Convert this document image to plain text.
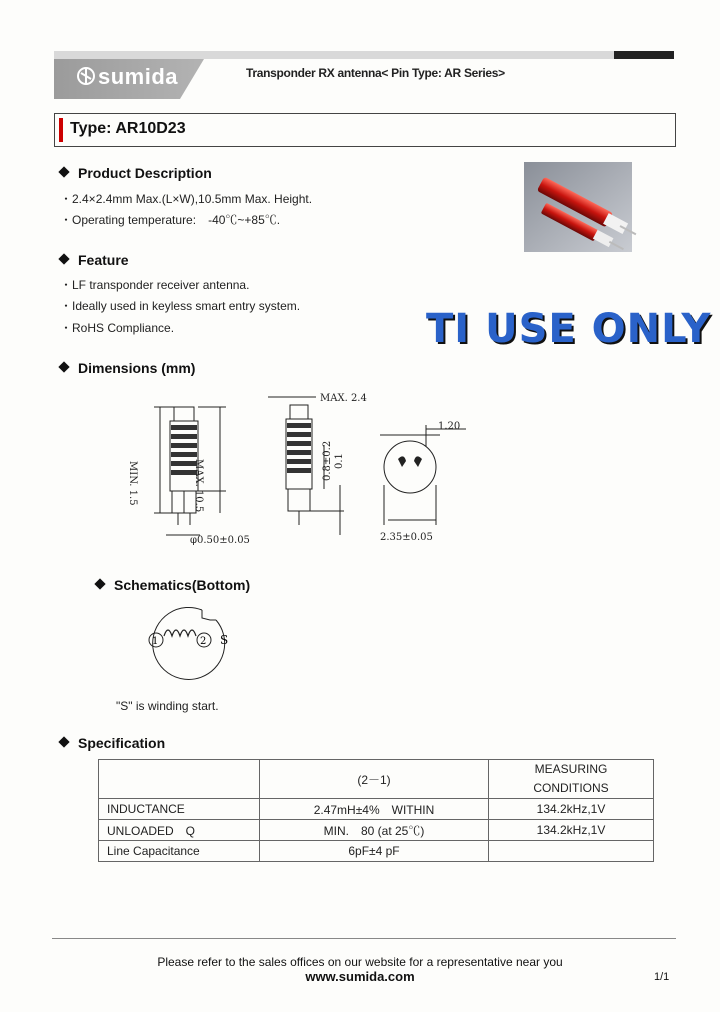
sumida	Transponder RX antenna< Pin Type: AR Series>
Type: AR10D23
Product Description
・2.4×2.4mm Max.(L×W),10.5mm Max. Height.
・Operating temperature:　-40℃~+85℃.
Feature
・LF transponder receiver antenna.
・Ideally used in keyless smart entry system.
・RoHS Compliance.	TI USE ONLY
Dimensions (mm)
MIN. 1.5	MAX. 10.5
φ0.50±0.05
MAX. 2.4
0.8±0.2 0.1
1.20
2.35±0.05
Schematics(Bottom)
1	2 S
"S" is winding start.
Specification
	(2－1)	MEASURING
CONDITIONS
INDUCTANCE	2.47mH±4%　WITHIN	134.2kHz,1V
UNLOADED　Q	MIN.　80 (at 25℃)	134.2kHz,1V
Line Capacitance	6pF±4 pF	
Please refer to the sales offices on our website for a representative near you
www.sumida.com	1/1
